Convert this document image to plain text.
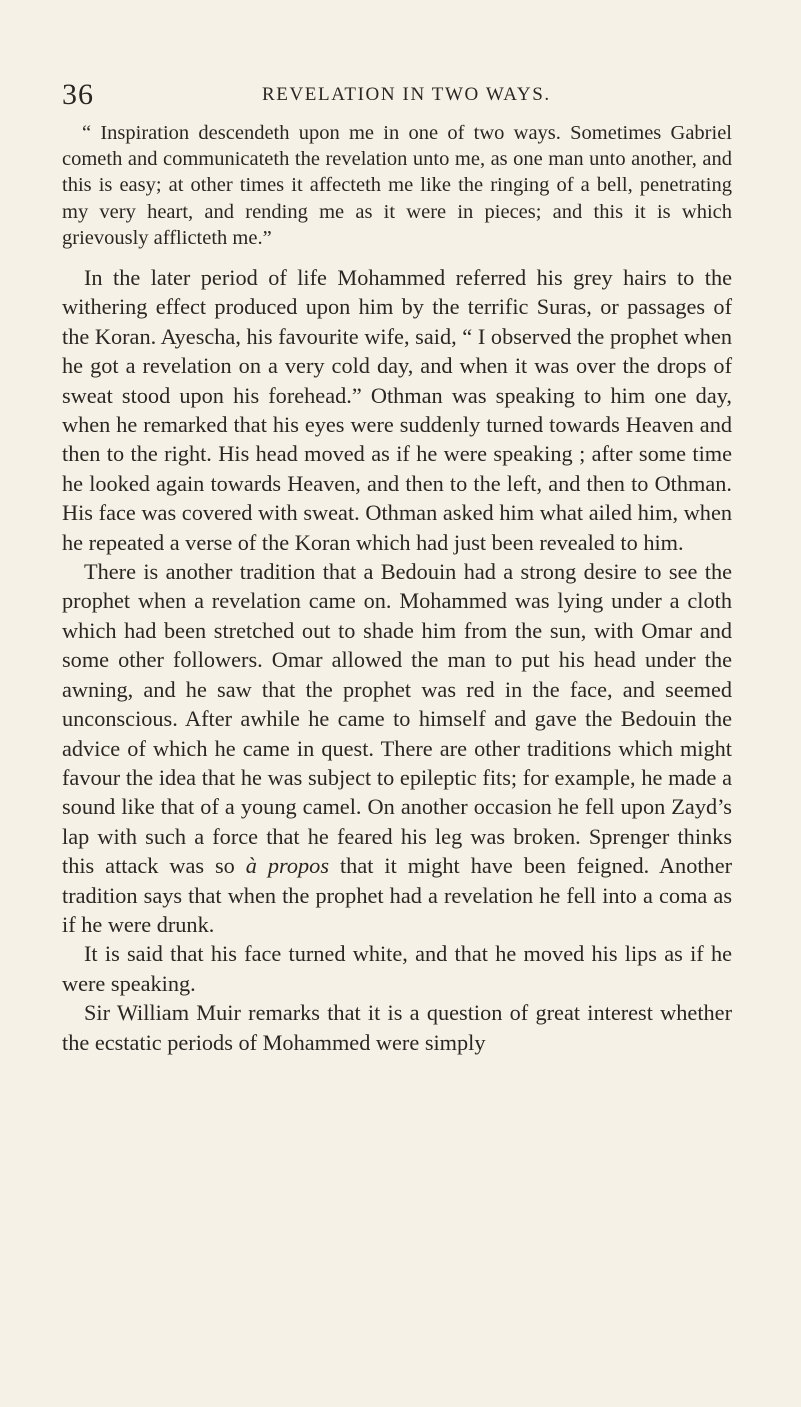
36	REVELATION IN TWO WAYS.

“ Inspiration descendeth upon me in one of two ways. Sometimes Gabriel cometh and communicateth the revelation unto me, as one man unto another, and this is easy; at other times it affecteth me like the ringing of a bell, penetrating my very heart, and rending me as it were in pieces; and this it is which grievously afflicteth me.”

In the later period of life Mohammed referred his grey hairs to the withering effect produced upon him by the terrific Suras, or passages of the Koran. Ayescha, his favourite wife, said, “ I observed the prophet when he got a revelation on a very cold day, and when it was over the drops of sweat stood upon his forehead.” Othman was speaking to him one day, when he remarked that his eyes were suddenly turned towards Heaven and then to the right. His head moved as if he were speaking ; after some time he looked again towards Heaven, and then to the left, and then to Othman. His face was covered with sweat. Othman asked him what ailed him, when he repeated a verse of the Koran which had just been revealed to him.

There is another tradition that a Bedouin had a strong desire to see the prophet when a revelation came on. Mohammed was lying under a cloth which had been stretched out to shade him from the sun, with Omar and some other followers. Omar allowed the man to put his head under the awning, and he saw that the prophet was red in the face, and seemed unconscious. After awhile he came to himself and gave the Bedouin the advice of which he came in quest. There are other traditions which might favour the idea that he was subject to epileptic fits; for example, he made a sound like that of a young camel. On another occasion he fell upon Zayd’s lap with such a force that he feared his leg was broken. Sprenger thinks this attack was so à propos that it might have been feigned. Another tradition says that when the prophet had a revelation he fell into a coma as if he were drunk.

It is said that his face turned white, and that he moved his lips as if he were speaking.

Sir William Muir remarks that it is a question of great interest whether the ecstatic periods of Mohammed were simply
